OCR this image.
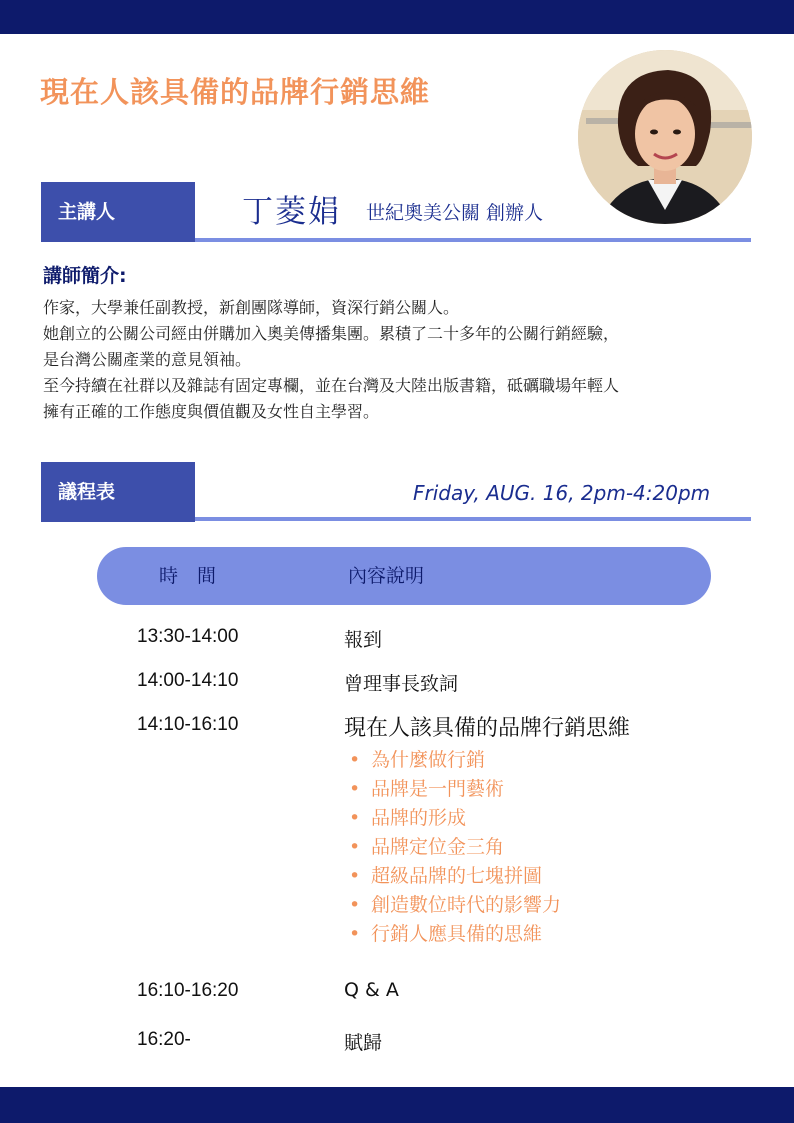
現在人該具備的品牌行銷思維
主講人	丁菱娟 世紀奧美公關 創辦人
講師簡介:
作家，大學兼任副教授，新創團隊導師，資深行銷公關人。
她創立的公關公司經由併購加入奧美傳播集團。累積了二十多年的公關行銷經驗，
是台灣公關產業的意見領袖。
至今持續在社群以及雜誌有固定專欄，並在台灣及大陸出版書籍，砥礪職場年輕人
擁有正確的工作態度與價值觀及女性自主學習。
議程表	Friday, AUG. 16, 2pm-4:20pm
時　間	內容說明
13:30-14:00	報到
14:00-14:10	曾理事長致詞
14:10-16:10	現在人該具備的品牌行銷思維
• 為什麼做行銷
• 品牌是一門藝術
• 品牌的形成
• 品牌定位金三角
• 超級品牌的七塊拼圖
• 創造數位時代的影響力
• 行銷人應具備的思維
16:10-16:20	Q & A
16:20-	賦歸
